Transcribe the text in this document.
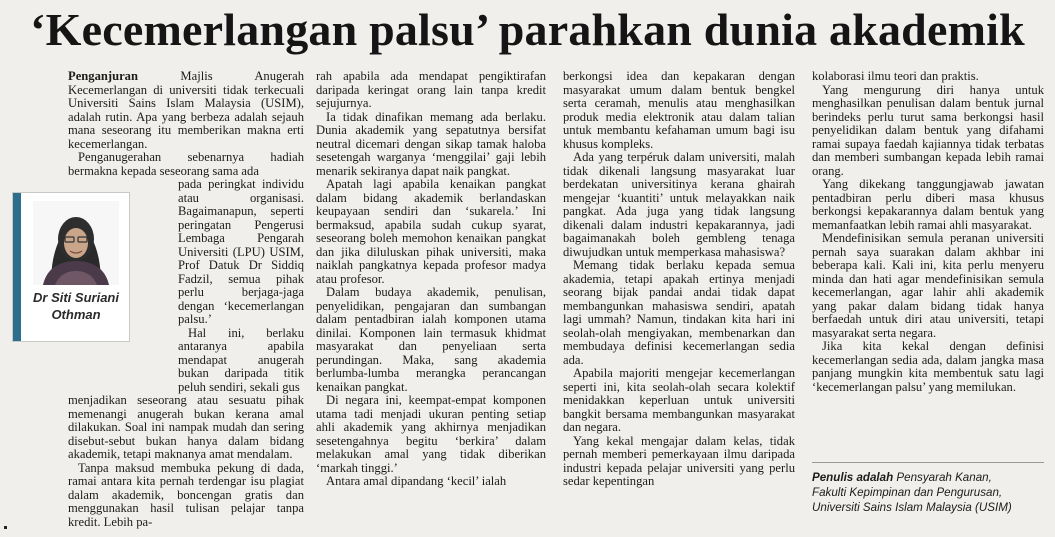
‘Kecemerlangan palsu’ parahkan dunia akademik

Penganjuran	Majlis Anugerah Kecemerlangan di universiti tidak terkecuali Universiti Sains Islam Malaysia (USIM), adalah rutin. Apa yang berbeza adalah sejauh mana seseorang itu memberikan makna erti kecemerlangan.

Penganugerahan sebenarnya hadiah bermakna kepada seseorang sama ada

pada peringkat individu atau organisasi. Bagaimanapun, seperti peringatan Pengerusi Lembaga Pengarah Universiti (LPU) USIM, Prof Datuk Dr Siddiq Fadzil, semua pihak perlu berjaga-jaga dengan ‘kecemerlangan palsu.’

Hal ini, berlaku antaranya apabila mendapat anugerah bukan daripada titik peluh sendiri, sekali gus

menjadikan seseorang atau sesuatu pihak memenangi anugerah bukan kerana amal dilakukan. Soal ini nampak mudah dan sering disebut-sebut bukan hanya dalam bidang akademik, tetapi maknanya amat mendalam.

Tanpa maksud membuka pekung di dada, ramai antara kita pernah terdengar isu plagiat dalam akademik, boncengan gratis dan menggunakan hasil tulisan pelajar tanpa kredit. Lebih pa-

Dr Siti Suriani
Othman

rah apabila ada mendapat pengiktirafan daripada keringat orang lain tanpa kredit sejujurnya.

Ia tidak dinafikan memang ada berlaku. Dunia akademik yang sepatutnya bersifat neutral dicemari dengan sikap tamak haloba sesetengah warganya ‘menggilai’ gaji lebih menarik sekiranya dapat naik pangkat.

Apatah lagi apabila kenaikan pangkat dalam bidang akademik berlandaskan keupayaan sendiri dan ‘sukarela.’ Ini bermaksud, apabila sudah cukup syarat, seseorang boleh memohon kenaikan pangkat dan jika diluluskan pihak universiti, maka naiklah pangkatnya kepada profesor madya atau profesor.

Dalam budaya akademik, penulisan, penyelidikan, pengajaran dan sumbangan dalam pentadbiran ialah komponen utama dinilai. Komponen lain termasuk khidmat masyarakat dan penyeliaan serta perundingan. Maka, sang akademia berlumba-lumba merangka perancangan kenaikan pangkat.

Di negara ini, keempat-empat komponen utama tadi menjadi ukuran penting setiap ahli akademik yang akhirnya menjadikan sesetengahnya begitu ‘berkira’ dalam melakukan amal yang tidak diberikan ‘markah tinggi.’

Antara amal dipandang ‘kecil’ ialah

berkongsi idea dan kepakaran dengan masyarakat umum dalam bentuk bengkel serta ceramah, menulis atau menghasilkan produk media elektronik atau dalam talian untuk membantu kefahaman umum bagi isu khusus kompleks.

Ada yang terpéruk dalam universiti, malah tidak dikenali langsung masyarakat luar berdekatan universitinya kerana ghairah mengejar ‘kuantiti’ untuk melayakkan naik pangkat. Ada juga yang tidak langsung dikenali dalam industri kepakarannya, jadi bagaimanakah boleh gembleng tenaga diwujudkan untuk memperkasa mahasiswa?

Memang tidak berlaku kepada semua akademia, tetapi apakah ertinya menjadi seorang bijak pandai andai tidak dapat membangunkan mahasiswa sendiri, apatah lagi ummah? Namun, tindakan kita hari ini seolah-olah mengiyakan, membenarkan dan membudaya definisi kecemerlangan sedia ada.

Apabila majoriti mengejar kecemerlangan seperti ini, kita seolah-olah secara kolektif menidakkan keperluan untuk universiti bangkit bersama membangunkan masyarakat dan negara.

Yang kekal mengajar dalam kelas, tidak pernah memberi pemerkayaan ilmu daripada industri kepada pelajar universiti yang perlu sedar kepentingan

kolaborasi ilmu teori dan praktis.

Yang mengurung diri hanya untuk menghasilkan penulisan dalam bentuk jurnal berindeks perlu turut sama berkongsi hasil penyelidikan dalam bentuk yang difahami ramai supaya faedah kajiannya tidak terbatas dan memberi sumbangan kepada lebih ramai orang.

Yang dikekang tanggungjawab jawatan pentadbiran perlu diberi masa khusus berkongsi kepakarannya dalam bentuk yang memanfaatkan lebih ramai ahli masyarakat.

Mendefinisikan semula peranan universiti pernah saya suarakan dalam akhbar ini beberapa kali. Kali ini, kita perlu menyeru minda dan hati agar mendefinisikan semula kecemerlangan, agar lahir ahli akademik yang pakar dalam bidang tidak hanya berfaedah untuk diri atau universiti, tetapi masyarakat serta negara.

Jika kita kekal dengan definisi kecemerlangan sedia ada, dalam jangka masa panjang mungkin kita membentuk satu lagi ‘kecemerlangan palsu’ yang memilukan.

Penulis adalah Pensyarah Kanan,
Fakulti Kepimpinan dan Pengurusan,
Universiti Sains Islam Malaysia (USIM)
